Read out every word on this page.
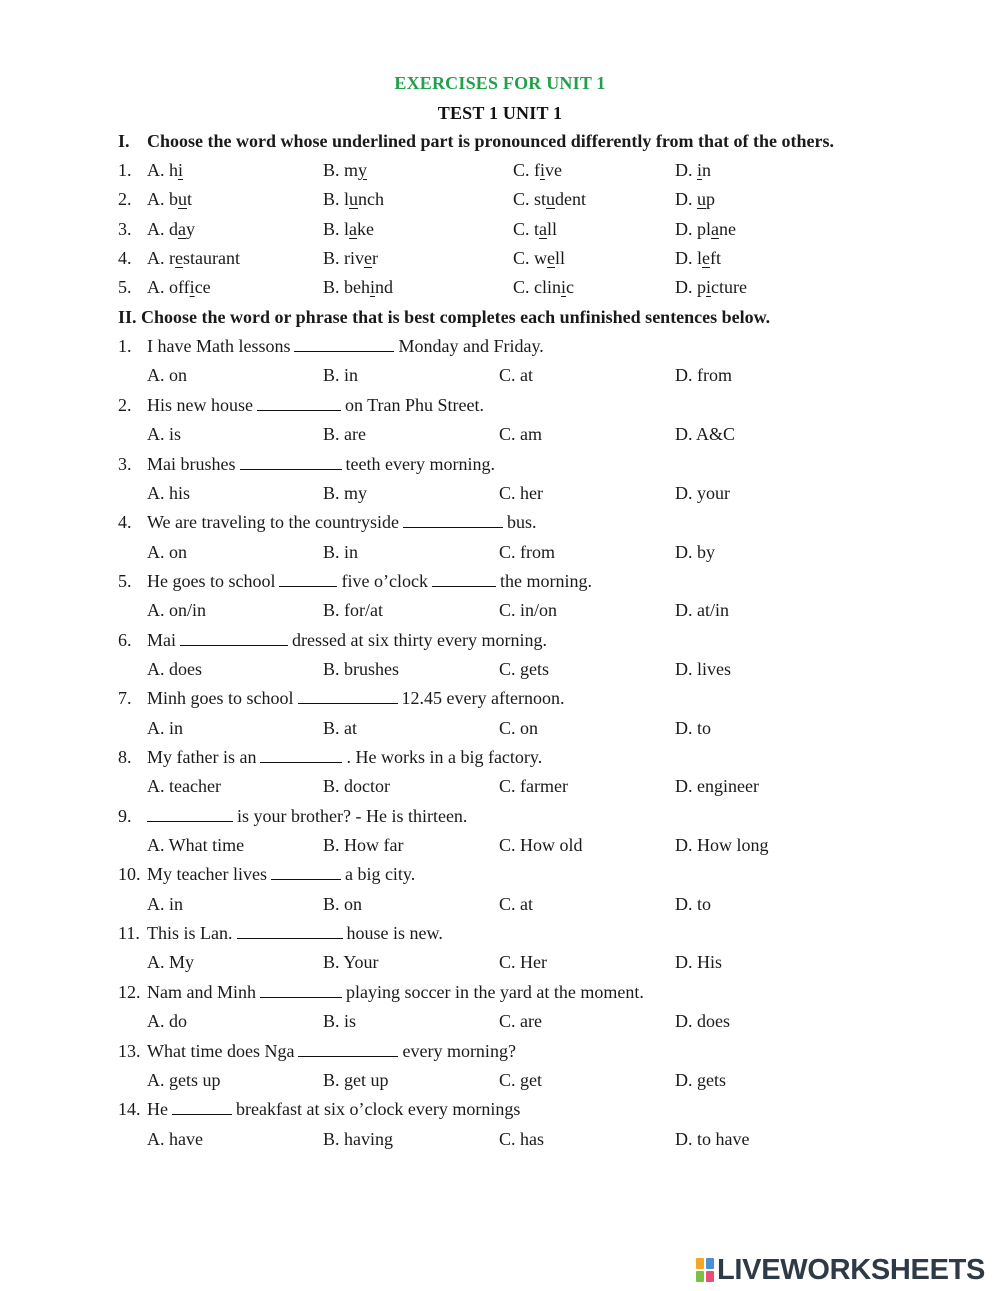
EXERCISES FOR UNIT 1
TEST 1 UNIT 1
I. Choose the word whose underlined part is pronounced differently from that of the others.
1. A. hi	B. my	C. five	D. in
2. A. but	B. lunch	C. student	D. up
3. A. day	B. lake	C. tall	D. plane
4. A. restaurant	B. river	C. well	D. left
5. A. office	B. behind	C. clinic	D. picture
II. Choose the word or phrase that is best completes each unfinished sentences below.
1. I have Math lessons	Monday and Friday.
A. on	B. in	C. at	D. from
2. His new house	on Tran Phu Street.
A. is	B. are	C. am	D. A&C
3. Mai brushes	teeth every morning.
A. his	B. my	C. her	D. your
4. We are traveling to the countryside	bus.
A. on	B. in	C. from	D. by
5. He goes to school	five o’clock	the morning.
A. on/in	B. for/at	C. in/on	D. at/in
6. Mai	dressed at six thirty every morning.
A. does	B. brushes	C. gets	D. lives
7. Minh goes to school	12.45 every afternoon.
A. in	B. at	C. on	D. to
8. My father is an	. He works in a big factory.
A. teacher	B. doctor	C. farmer	D. engineer
9.	is your brother? - He is thirteen.
A. What time	B. How far	C. How old	D. How long
10. My teacher lives	a big city.
A. in	B. on	C. at	D. to
11. This is Lan.	house is new.
A. My	B. Your	C. Her	D. His
12. Nam and Minh	playing soccer in the yard at the moment.
A. do	B. is	C. are	D. does
13. What time does Nga	every morning?
A. gets up	B. get up	C. get	D. gets
14. He	breakfast at six o’clock every mornings
A. have	B. having	C. has	D. to have
LIVEWORKSHEETS
